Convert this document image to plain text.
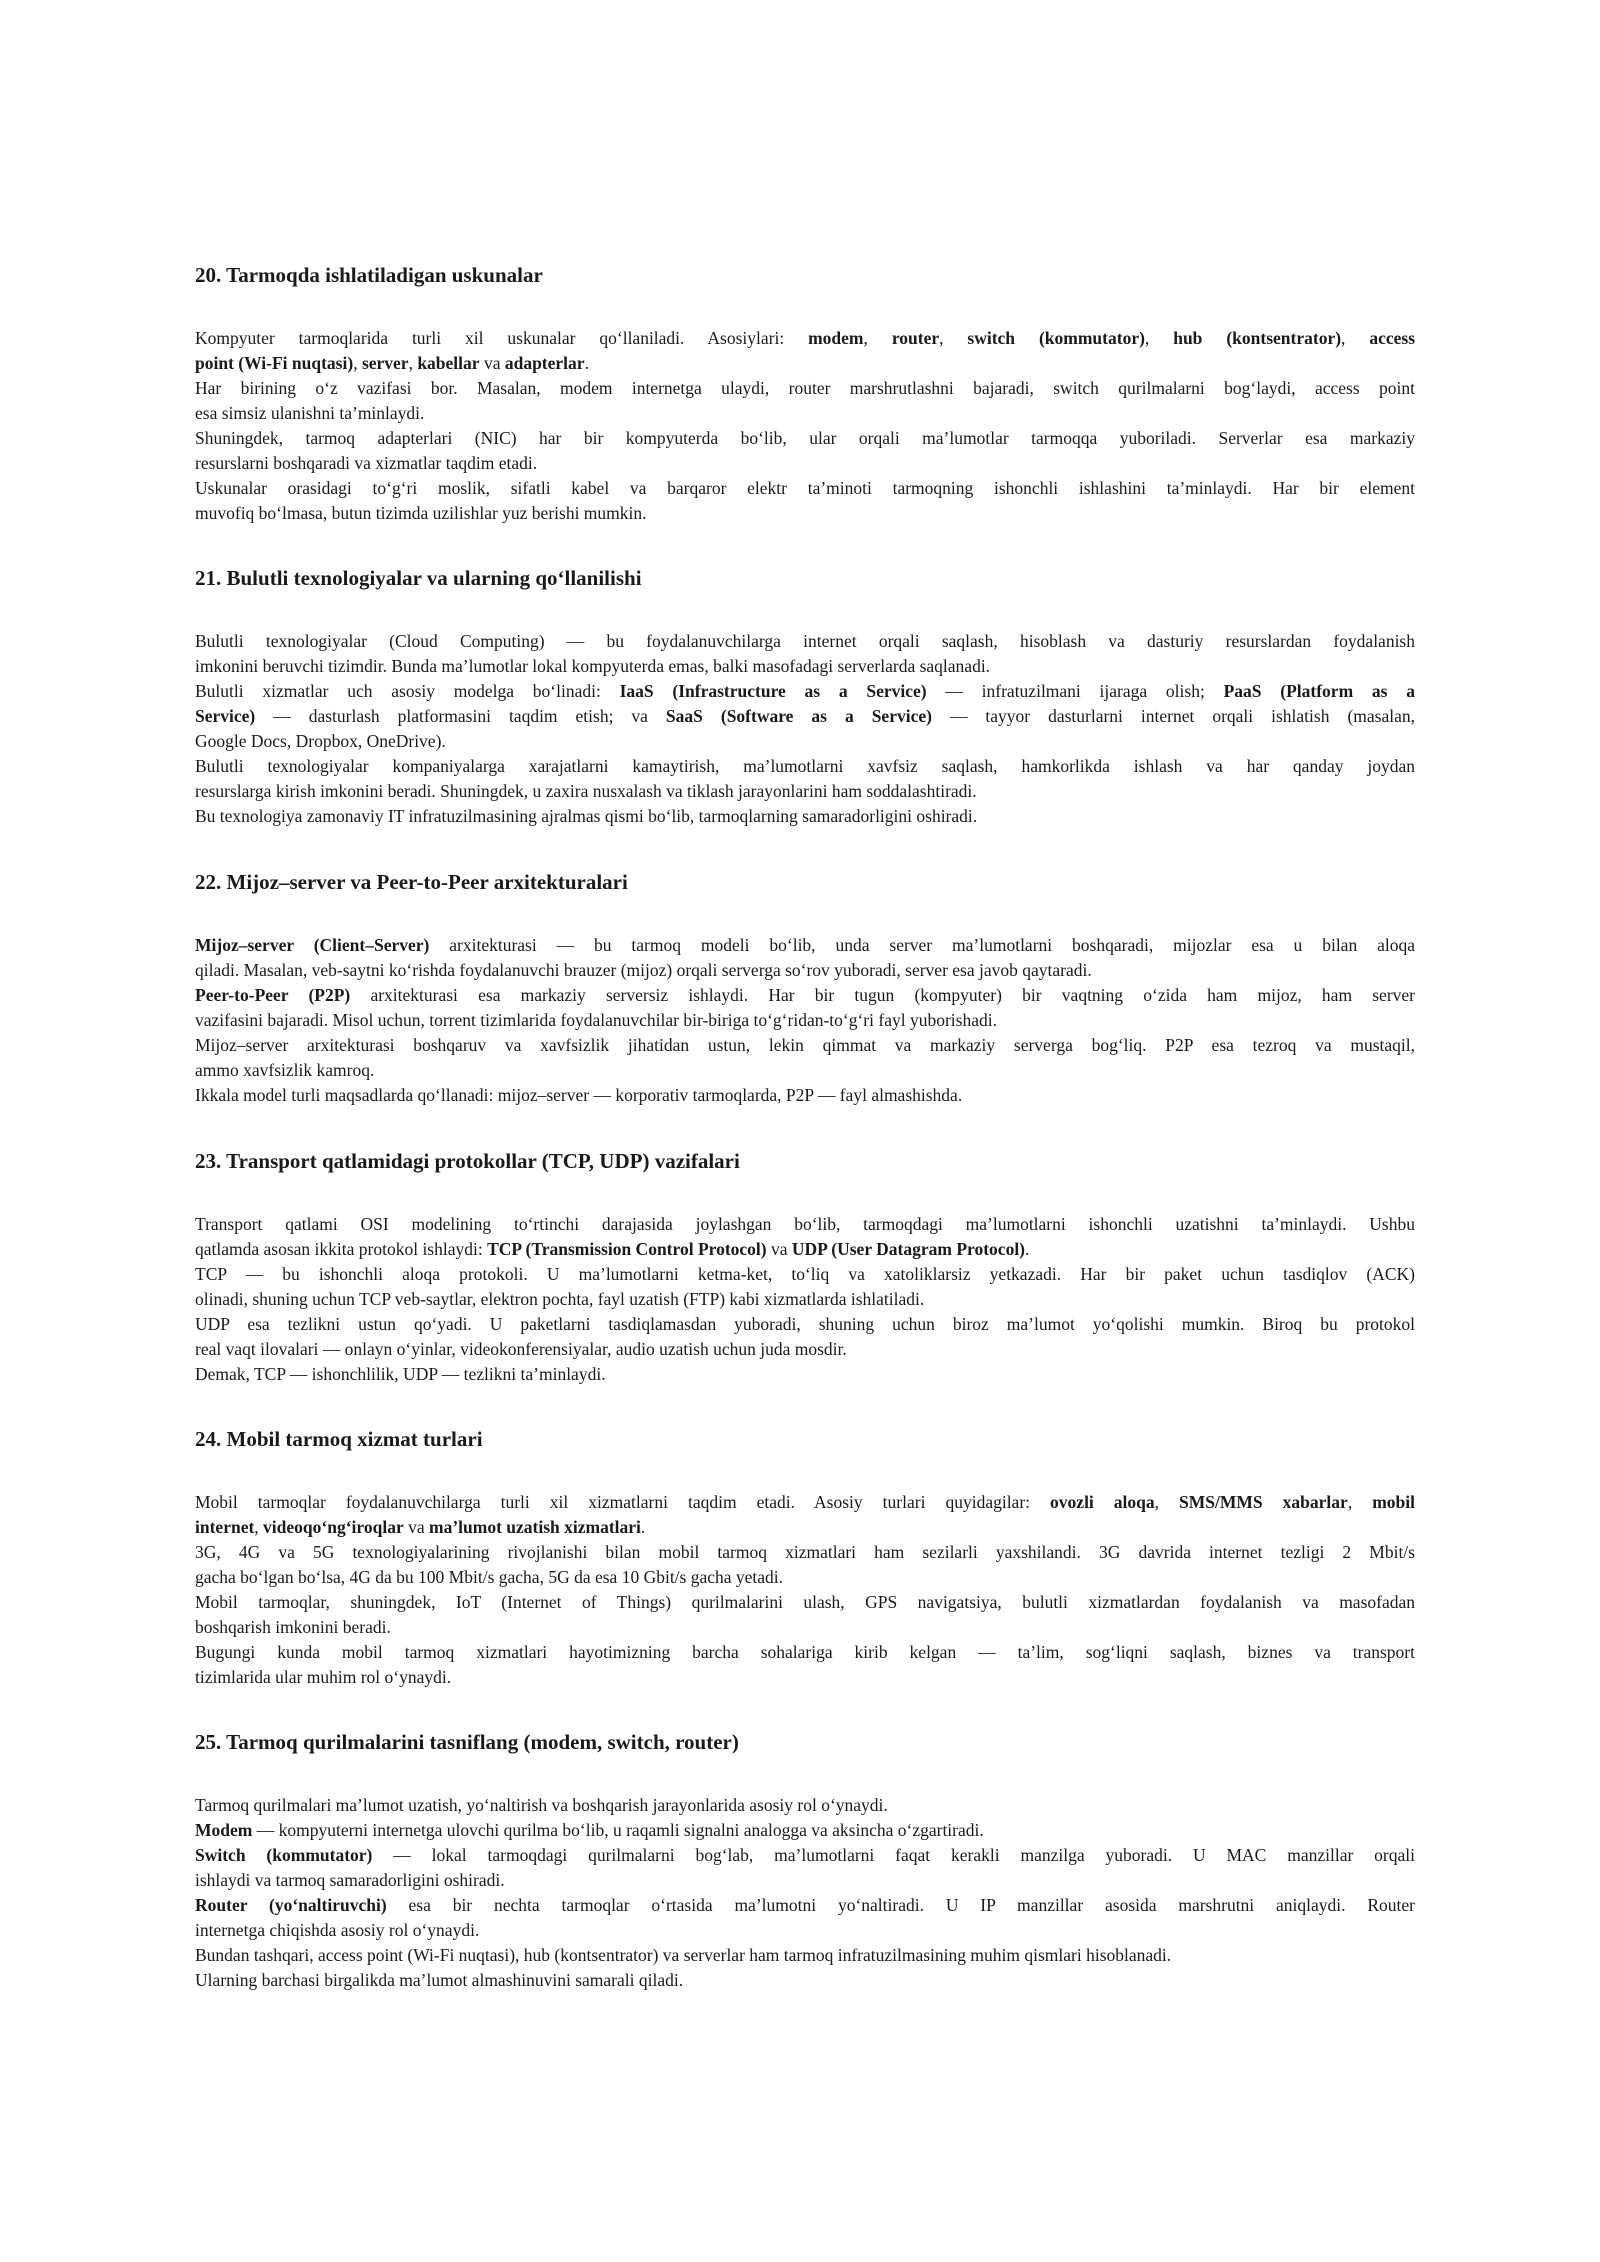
20. Tarmoqda ishlatiladigan uskunalar
Kompyuter tarmoqlarida turli xil uskunalar qo‘llaniladi. Asosiylari: modem, router, switch (kommutator), hub (kontsentrator), access
point (Wi-Fi nuqtasi), server, kabellar va adapterlar.
Har birining o‘z vazifasi bor. Masalan, modem internetga ulaydi, router marshrutlashni bajaradi, switch qurilmalarni bog‘laydi, access point
esa simsiz ulanishni ta’minlaydi.
Shuningdek, tarmoq adapterlari (NIC) har bir kompyuterda bo‘lib, ular orqali ma’lumotlar tarmoqqa yuboriladi. Serverlar esa markaziy
resurslarni boshqaradi va xizmatlar taqdim etadi.
Uskunalar orasidagi to‘g‘ri moslik, sifatli kabel va barqaror elektr ta’minoti tarmoqning ishonchli ishlashini ta’minlaydi. Har bir element
muvofiq bo‘lmasa, butun tizimda uzilishlar yuz berishi mumkin.
21. Bulutli texnologiyalar va ularning qo‘llanilishi
Bulutli texnologiyalar (Cloud Computing) — bu foydalanuvchilarga internet orqali saqlash, hisoblash va dasturiy resurslardan foydalanish
imkonini beruvchi tizimdir. Bunda ma’lumotlar lokal kompyuterda emas, balki masofadagi serverlarda saqlanadi.
Bulutli xizmatlar uch asosiy modelga bo‘linadi: IaaS (Infrastructure as a Service) — infratuzilmani ijaraga olish; PaaS (Platform as a
Service) — dasturlash platformasini taqdim etish; va SaaS (Software as a Service) — tayyor dasturlarni internet orqali ishlatish (masalan,
Google Docs, Dropbox, OneDrive).
Bulutli texnologiyalar kompaniyalarga xarajatlarni kamaytirish, ma’lumotlarni xavfsiz saqlash, hamkorlikda ishlash va har qanday joydan
resurslarga kirish imkonini beradi. Shuningdek, u zaxira nusxalash va tiklash jarayonlarini ham soddalashtiradi.
Bu texnologiya zamonaviy IT infratuzilmasining ajralmas qismi bo‘lib, tarmoqlarning samaradorligini oshiradi.
22. Mijoz–server va Peer-to-Peer arxitekturalari
Mijoz–server (Client–Server) arxitekturasi — bu tarmoq modeli bo‘lib, unda server ma’lumotlarni boshqaradi, mijozlar esa u bilan aloqa
qiladi. Masalan, veb-saytni ko‘rishda foydalanuvchi brauzer (mijoz) orqali serverga so‘rov yuboradi, server esa javob qaytaradi.
Peer-to-Peer (P2P) arxitekturasi esa markaziy serversiz ishlaydi. Har bir tugun (kompyuter) bir vaqtning o‘zida ham mijoz, ham server
vazifasini bajaradi. Misol uchun, torrent tizimlarida foydalanuvchilar bir-biriga to‘g‘ridan-to‘g‘ri fayl yuborishadi.
Mijoz–server arxitekturasi boshqaruv va xavfsizlik jihatidan ustun, lekin qimmat va markaziy serverga bog‘liq. P2P esa tezroq va mustaqil,
ammo xavfsizlik kamroq.
Ikkala model turli maqsadlarda qo‘llanadi: mijoz–server — korporativ tarmoqlarda, P2P — fayl almashishda.
23. Transport qatlamidagi protokollar (TCP, UDP) vazifalari
Transport qatlami OSI modelining to‘rtinchi darajasida joylashgan bo‘lib, tarmoqdagi ma’lumotlarni ishonchli uzatishni ta’minlaydi. Ushbu
qatlamda asosan ikkita protokol ishlaydi: TCP (Transmission Control Protocol) va UDP (User Datagram Protocol).
TCP — bu ishonchli aloqa protokoli. U ma’lumotlarni ketma-ket, to‘liq va xatoliklarsiz yetkazadi. Har bir paket uchun tasdiqlov (ACK)
olinadi, shuning uchun TCP veb-saytlar, elektron pochta, fayl uzatish (FTP) kabi xizmatlarda ishlatiladi.
UDP esa tezlikni ustun qo‘yadi. U paketlarni tasdiqlamasdan yuboradi, shuning uchun biroz ma’lumot yo‘qolishi mumkin. Biroq bu protokol
real vaqt ilovalari — onlayn o‘yinlar, videokonferensiyalar, audio uzatish uchun juda mosdir.
Demak, TCP — ishonchlilik, UDP — tezlikni ta’minlaydi.
24. Mobil tarmoq xizmat turlari
Mobil tarmoqlar foydalanuvchilarga turli xil xizmatlarni taqdim etadi. Asosiy turlari quyidagilar: ovozli aloqa, SMS/MMS xabarlar, mobil
internet, videoqo‘ng‘iroqlar va ma’lumot uzatish xizmatlari.
3G, 4G va 5G texnologiyalarining rivojlanishi bilan mobil tarmoq xizmatlari ham sezilarli yaxshilandi. 3G davrida internet tezligi 2 Mbit/s
gacha bo‘lgan bo‘lsa, 4G da bu 100 Mbit/s gacha, 5G da esa 10 Gbit/s gacha yetadi.
Mobil tarmoqlar, shuningdek, IoT (Internet of Things) qurilmalarini ulash, GPS navigatsiya, bulutli xizmatlardan foydalanish va masofadan
boshqarish imkonini beradi.
Bugungi kunda mobil tarmoq xizmatlari hayotimizning barcha sohalariga kirib kelgan — ta’lim, sog‘liqni saqlash, biznes va transport
tizimlarida ular muhim rol o‘ynaydi.
25. Tarmoq qurilmalarini tasniflang (modem, switch, router)
Tarmoq qurilmalari ma’lumot uzatish, yo‘naltirish va boshqarish jarayonlarida asosiy rol o‘ynaydi.
Modem — kompyuterni internetga ulovchi qurilma bo‘lib, u raqamli signalni analogga va aksincha o‘zgartiradi.
Switch (kommutator) — lokal tarmoqdagi qurilmalarni bog‘lab, ma’lumotlarni faqat kerakli manzilga yuboradi. U MAC manzillar orqali
ishlaydi va tarmoq samaradorligini oshiradi.
Router (yo‘naltiruvchi) esa bir nechta tarmoqlar o‘rtasida ma’lumotni yo‘naltiradi. U IP manzillar asosida marshrutni aniqlaydi. Router
internetga chiqishda asosiy rol o‘ynaydi.
Bundan tashqari, access point (Wi-Fi nuqtasi), hub (kontsentrator) va serverlar ham tarmoq infratuzilmasining muhim qismlari hisoblanadi.
Ularning barchasi birgalikda ma’lumot almashinuvini samarali qiladi.
